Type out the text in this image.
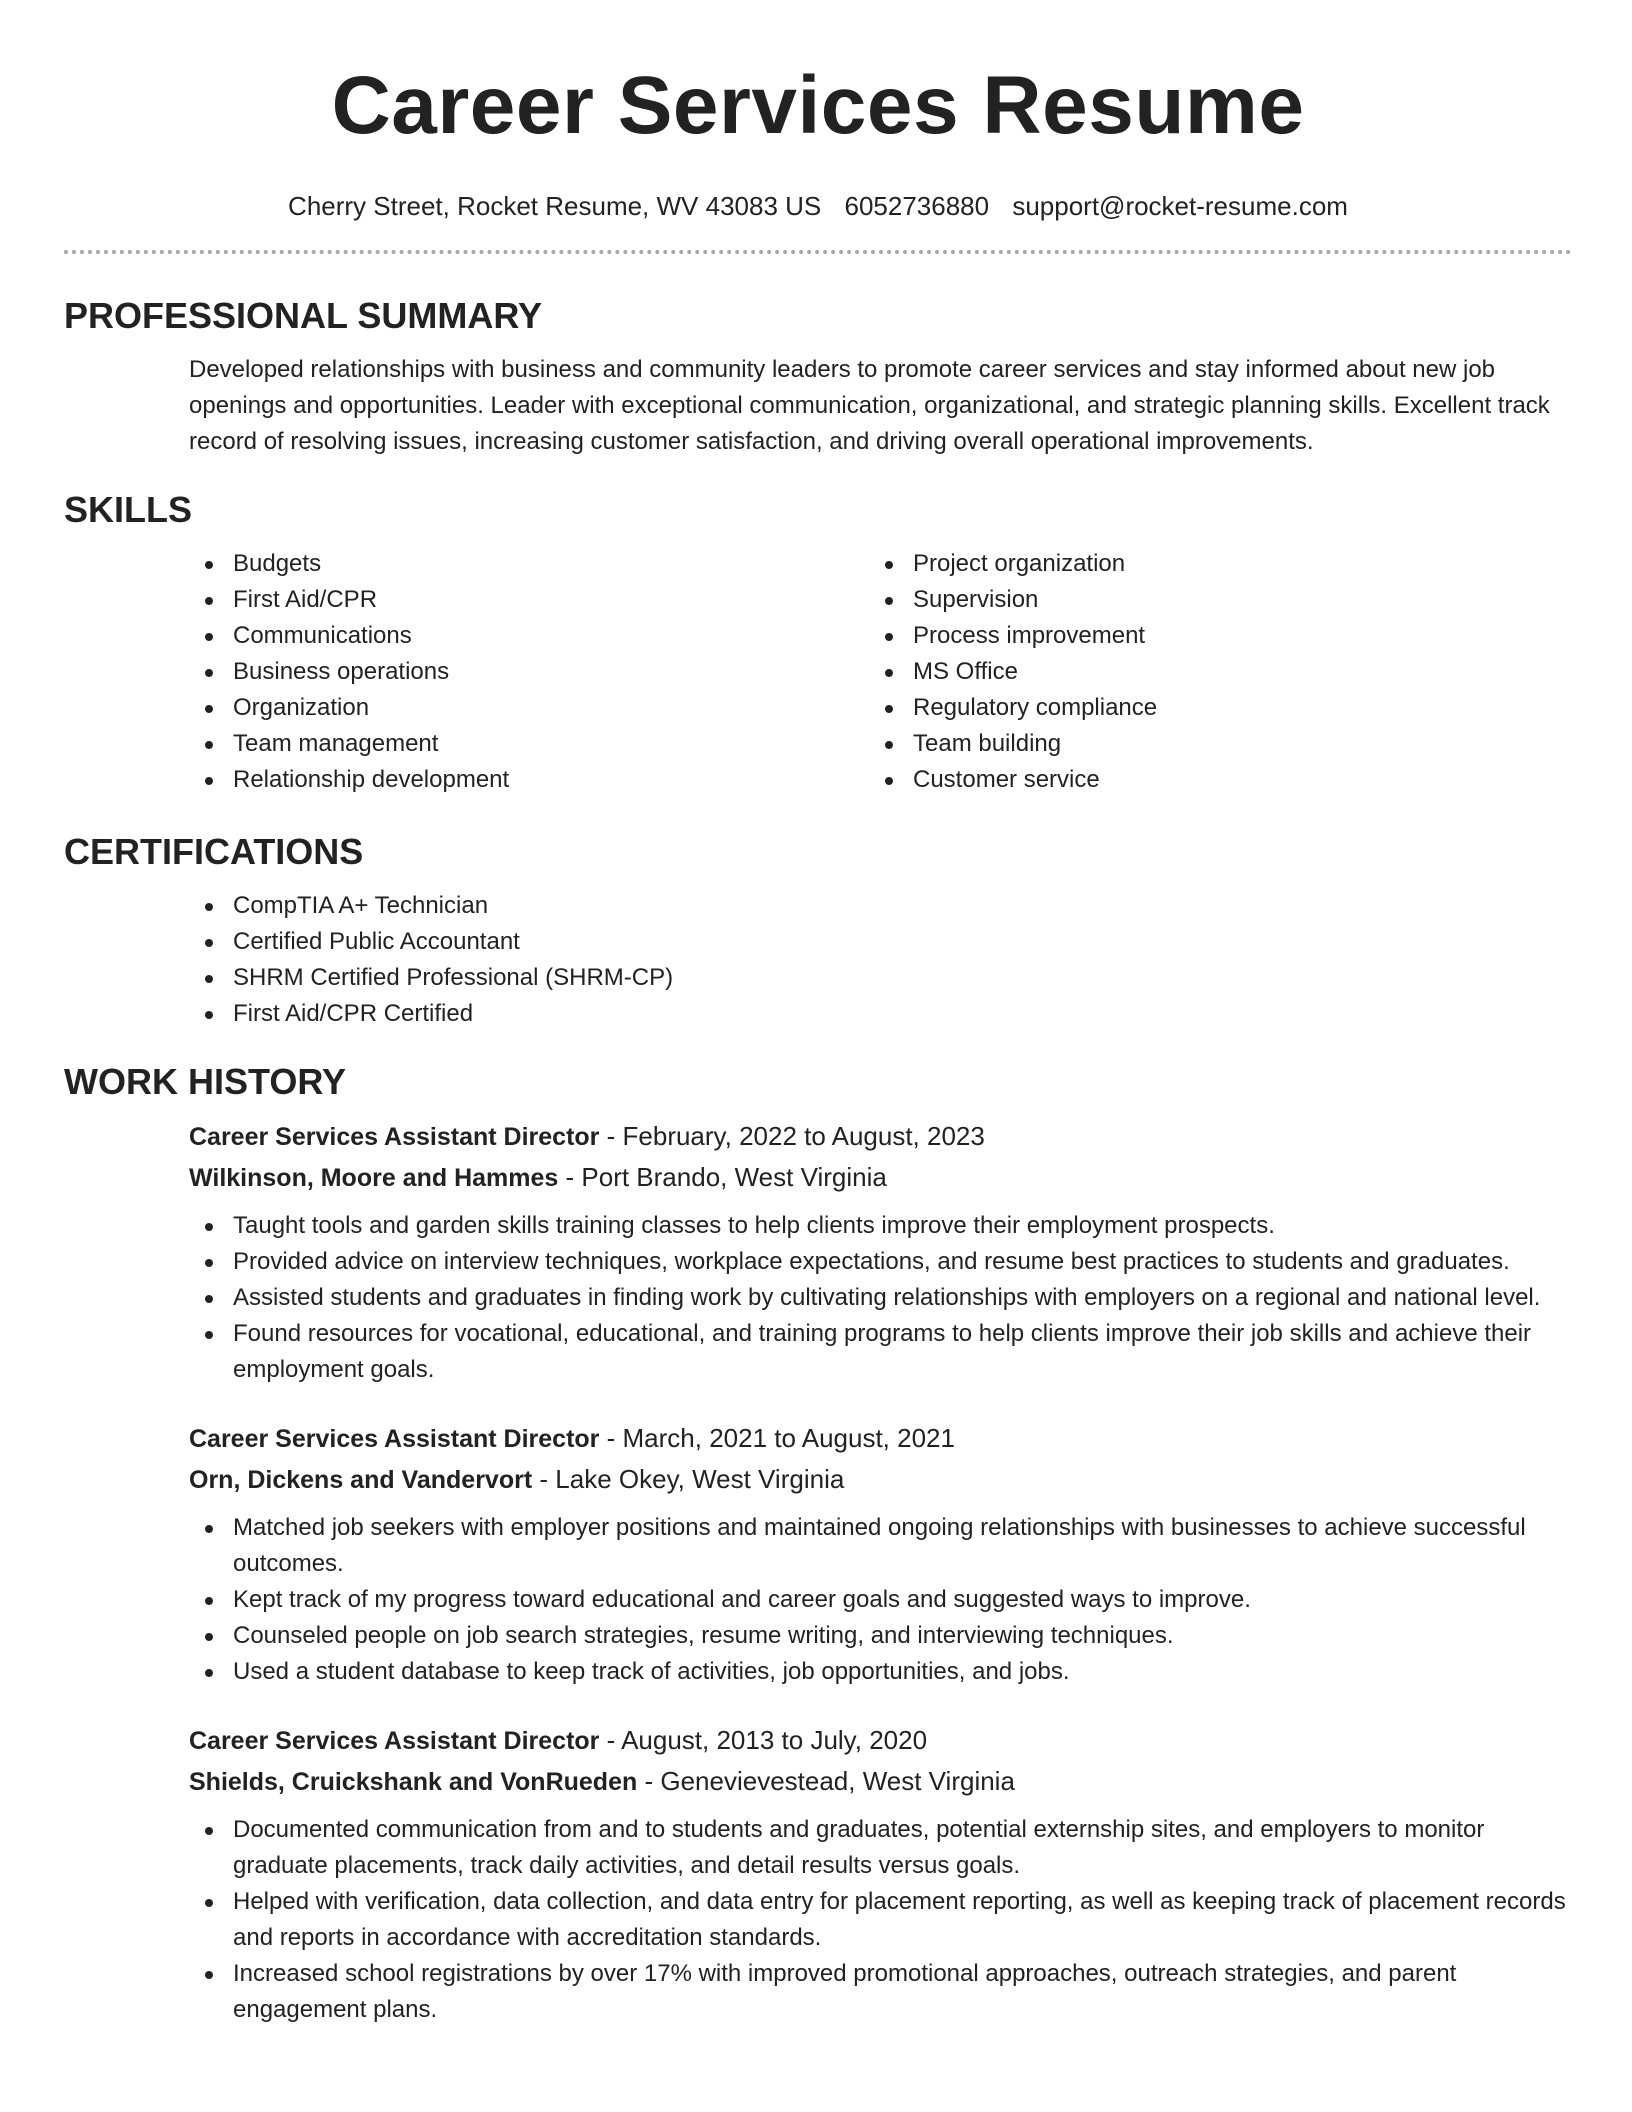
Career Services Resume
Cherry Street, Rocket Resume, WV 43083 US 6052736880 support@rocket-resume.com
PROFESSIONAL SUMMARY
Developed relationships with business and community leaders to promote career services and stay informed about new job openings and opportunities. Leader with exceptional communication, organizational, and strategic planning skills. Excellent track record of resolving issues, increasing customer satisfaction, and driving overall operational improvements.
SKILLS
Budgets
First Aid/CPR
Communications
Business operations
Organization
Team management
Relationship development
Project organization
Supervision
Process improvement
MS Office
Regulatory compliance
Team building
Customer service
CERTIFICATIONS
CompTIA A+ Technician
Certified Public Accountant
SHRM Certified Professional (SHRM-CP)
First Aid/CPR Certified
WORK HISTORY
Career Services Assistant Director - February, 2022 to August, 2023
Wilkinson, Moore and Hammes - Port Brando, West Virginia
Taught tools and garden skills training classes to help clients improve their employment prospects.
Provided advice on interview techniques, workplace expectations, and resume best practices to students and graduates.
Assisted students and graduates in finding work by cultivating relationships with employers on a regional and national level.
Found resources for vocational, educational, and training programs to help clients improve their job skills and achieve their employment goals.
Career Services Assistant Director - March, 2021 to August, 2021
Orn, Dickens and Vandervort - Lake Okey, West Virginia
Matched job seekers with employer positions and maintained ongoing relationships with businesses to achieve successful outcomes.
Kept track of my progress toward educational and career goals and suggested ways to improve.
Counseled people on job search strategies, resume writing, and interviewing techniques.
Used a student database to keep track of activities, job opportunities, and jobs.
Career Services Assistant Director - August, 2013 to July, 2020
Shields, Cruickshank and VonRueden - Genevievestead, West Virginia
Documented communication from and to students and graduates, potential externship sites, and employers to monitor graduate placements, track daily activities, and detail results versus goals.
Helped with verification, data collection, and data entry for placement reporting, as well as keeping track of placement records and reports in accordance with accreditation standards.
Increased school registrations by over 17% with improved promotional approaches, outreach strategies, and parent engagement plans.
